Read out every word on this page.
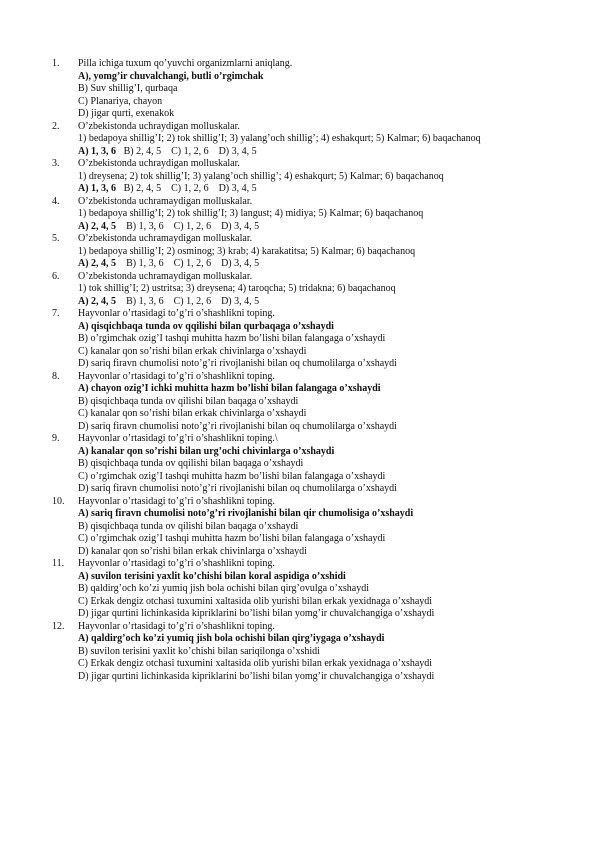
1.	Pilla ichiga tuxum qo’yuvchi organizmlarni aniqlang.
A), yomg’ir chuvalchangi, butli o’rgimchak
B) Suv shillig’I, qurbaqa
C) Planariya, chayon
D) jigar qurti, exenakok
2.	O’zbekistonda uchraydigan molluskalar.
1) bedapoya shillig’I; 2) tok shillig’I; 3) yalang’och shillig’; 4) eshakqurt; 5) Kalmar; 6) baqachanoq
A) 1, 3, 6   B) 2, 4, 5    C) 1, 2, 6    D) 3, 4, 5
3.	O’zbekistonda uchraydigan molluskalar.
1) dreysena; 2) tok shillig’I; 3) yalang’och shillig’; 4) eshakqurt; 5) Kalmar; 6) baqachanoq
A) 1, 3, 6   B) 2, 4, 5    C) 1, 2, 6    D) 3, 4, 5
4.	O’zbekistonda uchramaydigan molluskalar.
1) bedapoya shillig’I; 2) tok shillig’I; 3) langust; 4) midiya; 5) Kalmar; 6) baqachanoq
A) 2, 4, 5    B) 1, 3, 6    C) 1, 2, 6    D) 3, 4, 5
5.	O’zbekistonda uchramaydigan molluskalar.
1) bedapoya shillig’I; 2) osminog; 3) krab; 4) karakatitsa; 5) Kalmar; 6) baqachanoq
A) 2, 4, 5    B) 1, 3, 6    C) 1, 2, 6    D) 3, 4, 5
6.	O’zbekistonda uchramaydigan molluskalar.
1) tok shillig’I; 2) ustritsa; 3) dreysena; 4) taroqcha; 5) tridakna; 6) baqachanoq
A) 2, 4, 5    B) 1, 3, 6    C) 1, 2, 6    D) 3, 4, 5
7.	Hayvonlar o’rtasidagi to’g’ri o’shashlikni toping.
A) qisqichbaqa tunda ov qqilishi bilan qurbaqaga o’xshaydi
B) o’rgimchak ozig’I tashqi muhitta hazm bo’lishi bilan falangaga o’xshaydi
C) kanalar qon so’rishi bilan erkak chivinlarga o’xshaydi
D) sariq firavn chumolisi noto’g’ri rivojlanishi bilan oq chumolilarga o’xshaydi
8.	Hayvonlar o’rtasidagi to’g’ri o’shashlikni toping.
A) chayon ozig’I ichki muhitta hazm bo’lishi bilan falangaga o’xshaydi
B) qisqichbaqa tunda ov qilishi bilan baqaga o’xshaydi
C) kanalar qon so’rishi bilan erkak chivinlarga o’xshaydi
D) sariq firavn chumolisi noto’g’ri rivojlanishi bilan oq chumolilarga o’xshaydi
9.	Hayvonlar o’rtasidagi to’g’ri o’shashlikni toping.\
A) kanalar qon so’rishi bilan urg’ochi chivinlarga o’xshaydi
B) qisqichbaqa tunda ov qqilishi bilan baqaga o’xshaydi
C) o’rgimchak ozig’I tashqi muhitta hazm bo’lishi bilan falangaga o’xshaydi
D) sariq firavn chumolisi noto’g’ri rivojlanishi bilan oq chumolilarga o’xshaydi
10.	Hayvonlar o’rtasidagi to’g’ri o’shashlikni toping.
A) sariq firavn chumolisi noto’g’ri rivojlanishi bilan qir chumolisiga o’xshaydi
B) qisqichbaqa tunda ov qilishi bilan baqaga o’xshaydi
C) o’rgimchak ozig’I tashqi muhitta hazm bo’lishi bilan falangaga o’xshaydi
D) kanalar qon so’rishi bilan erkak chivinlarga o’xshaydi
11.	Hayvonlar o’rtasidagi to’g’ri o’shashlikni toping.
A) suvilon terisini yaxlit ko’chishi bilan koral aspidiga o’xshidi
B) qaldirg’och ko’zi yumiq jish bola ochishi bilan qirg’ovulga o’xshaydi
C) Erkak dengiz otchasi tuxumini xaltasida olib yurishi bilan erkak yexidnaga o’xshaydi
D) jigar qurtini lichinkasida kipriklarini bo’lishi bilan yomg’ir chuvalchangiga o’xshaydi
12.	Hayvonlar o’rtasidagi to’g’ri o’shashlikni toping.
A) qaldirg’och ko’zi yumiq jish bola ochishi bilan qirg’iygaga o’xshaydi
B) suvilon terisini yaxlit ko’chishi bilan sariqilonga o’xshidi
C) Erkak dengiz otchasi tuxumini xaltasida olib yurishi bilan erkak yexidnaga o’xshaydi
D) jigar qurtini lichinkasida kipriklarini bo’lishi bilan yomg’ir chuvalchangiga o’xshaydi
